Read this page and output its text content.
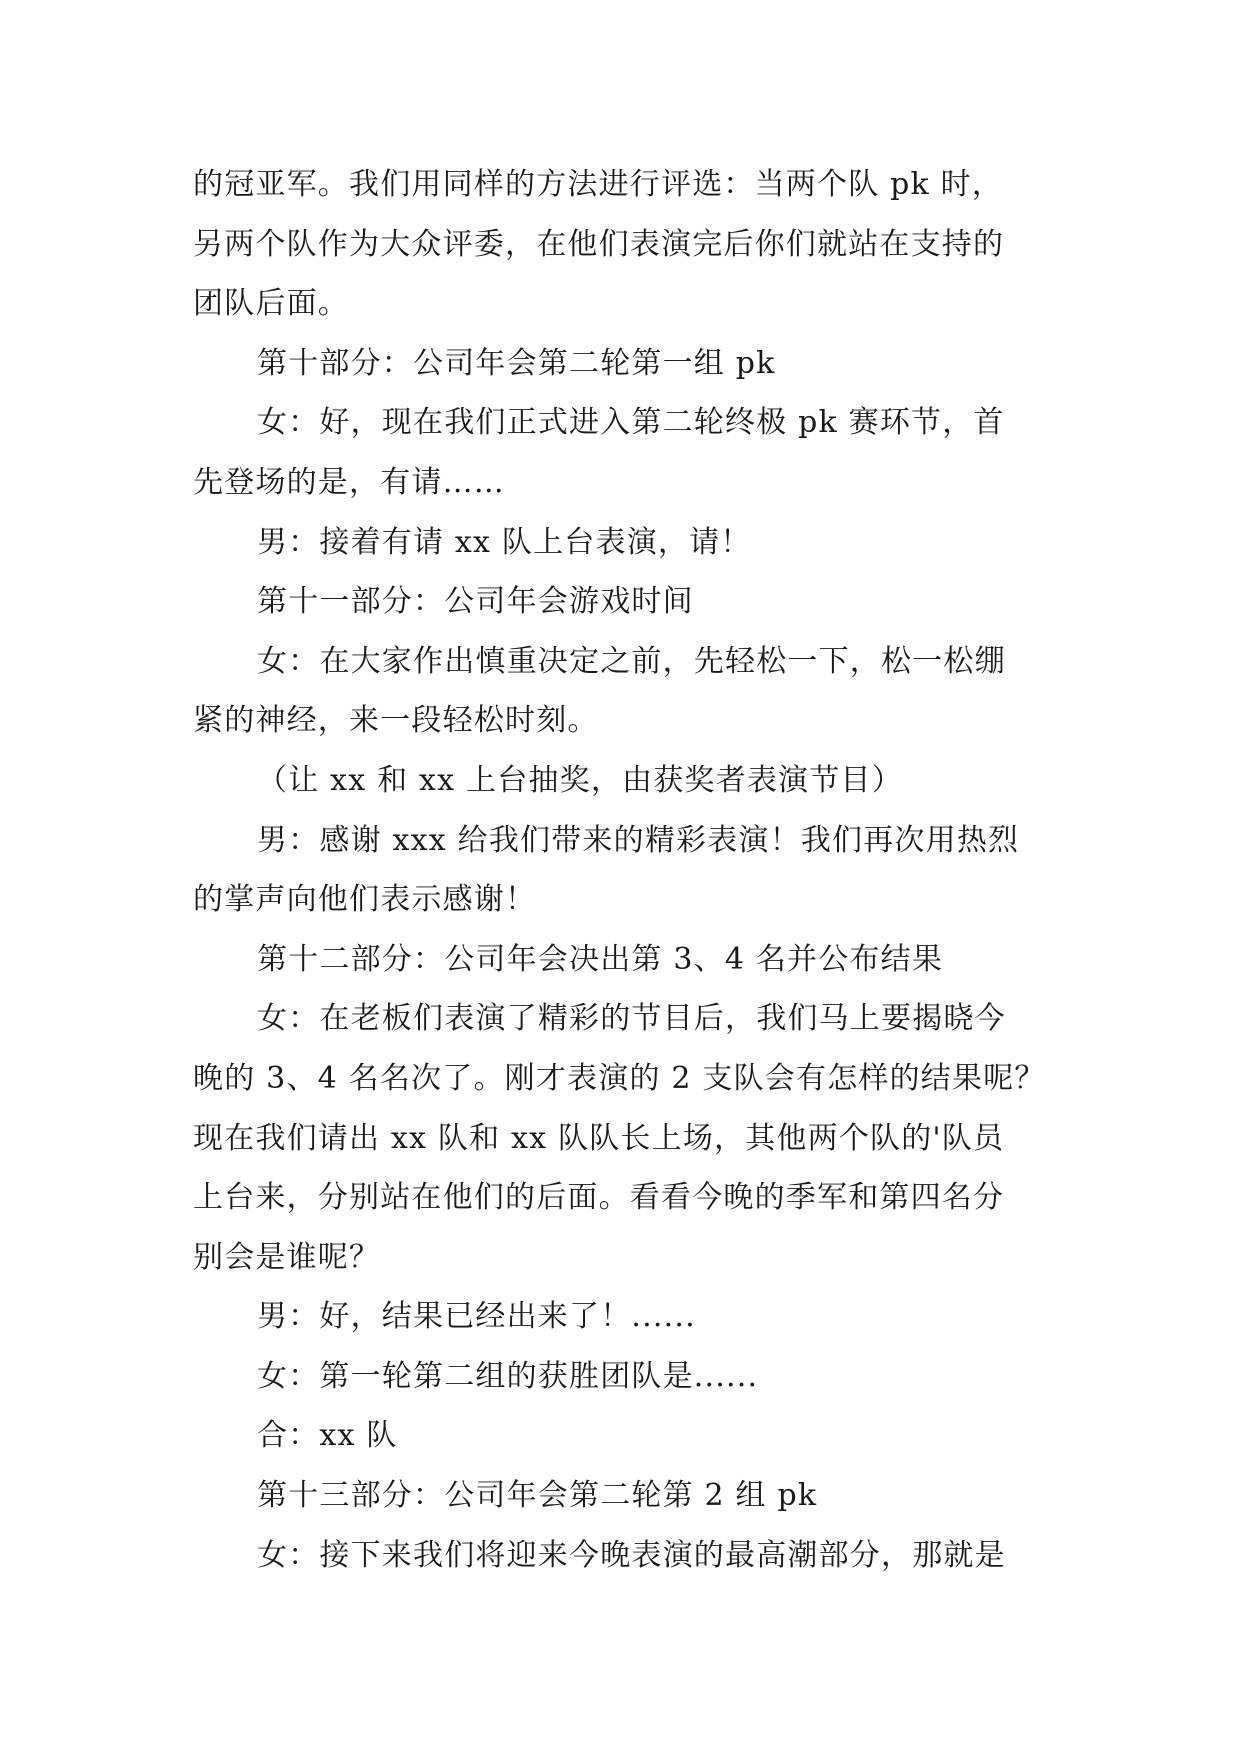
的冠亚军。我们用同样的方法进行评选：当两个队 pk 时，

另两个队作为大众评委，在他们表演完后你们就站在支持的

团队后面。

第十部分：公司年会第二轮第一组 pk

女：好，现在我们正式进入第二轮终极 pk 赛环节，首

先登场的是，有请……

男：接着有请 xx 队上台表演，请！

第十一部分：公司年会游戏时间

女：在大家作出慎重决定之前，先轻松一下，松一松绷

紧的神经，来一段轻松时刻。

（让 xx 和 xx 上台抽奖，由获奖者表演节目）

男：感谢 xxx 给我们带来的精彩表演！我们再次用热烈

的掌声向他们表示感谢！

第十二部分：公司年会决出第 3、4 名并公布结果

女：在老板们表演了精彩的节目后，我们马上要揭晓今

晚的 3、4 名名次了。刚才表演的 2 支队会有怎样的结果呢？

现在我们请出 xx 队和 xx 队队长上场，其他两个队的'队员

上台来，分别站在他们的后面。看看今晚的季军和第四名分

别会是谁呢？

男：好，结果已经出来了！......

女：第一轮第二组的获胜团队是......

合：xx 队

第十三部分：公司年会第二轮第 2 组 pk

女：接下来我们将迎来今晚表演的最高潮部分，那就是
